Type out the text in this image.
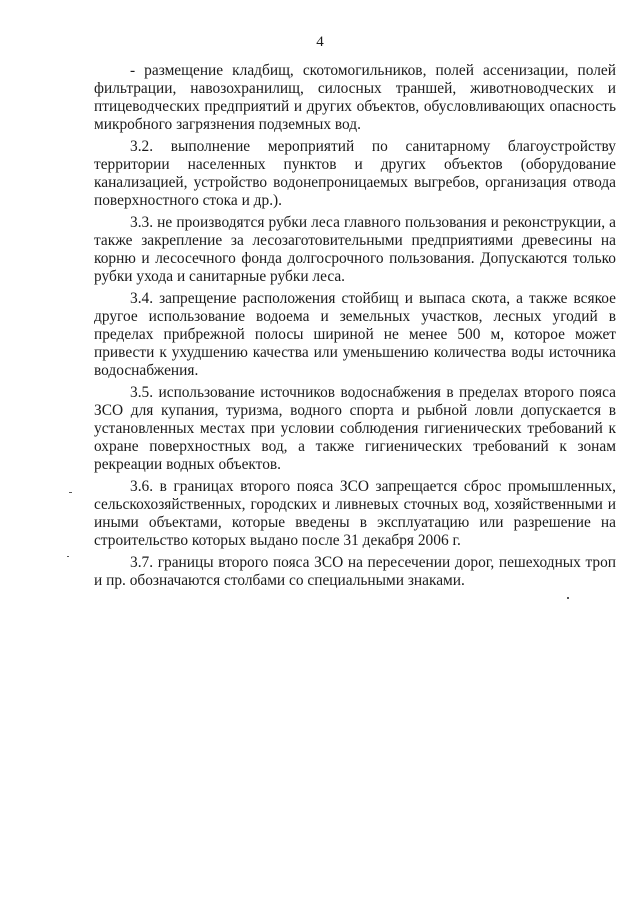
4

- размещение кладбищ, скотомогильников, полей ассенизации, полей фильтрации, навозохранилищ, силосных траншей, животноводческих и птицеводческих предприятий и других объектов, обусловливающих опасность микробного загрязнения подземных вод.

3.2. выполнение мероприятий по санитарному благоустройству территории населенных пунктов и других объектов (оборудование канализацией, устройство водонепроницаемых выгребов, организация отвода поверхностного стока и др.).

3.3. не производятся рубки леса главного пользования и реконструкции, а также закрепление за лесозаготовительными предприятиями древесины на корню и лесосечного фонда долгосрочного пользования. Допускаются только рубки ухода и санитарные рубки леса.

3.4. запрещение расположения стойбищ и выпаса скота, а также всякое другое использование водоема и земельных участков, лесных угодий в пределах прибрежной полосы шириной не менее 500 м, которое может привести к ухудшению качества или уменьшению количества воды источника водоснабжения.

3.5. использование источников водоснабжения в пределах второго пояса ЗСО для купания, туризма, водного спорта и рыбной ловли допускается в установленных местах при условии соблюдения гигиенических требований к охране поверхностных вод, а также гигиенических требований к зонам рекреации водных объектов.

3.6. в границах второго пояса ЗСО запрещается сброс промышленных, сельскохозяйственных, городских и ливневых сточных вод, хозяйственными и иными объектами, которые введены в эксплуатацию или разрешение на строительство которых выдано после 31 декабря 2006 г.

3.7. границы второго пояса ЗСО на пересечении дорог, пешеходных троп и пр. обозначаются столбами со специальными знаками.
